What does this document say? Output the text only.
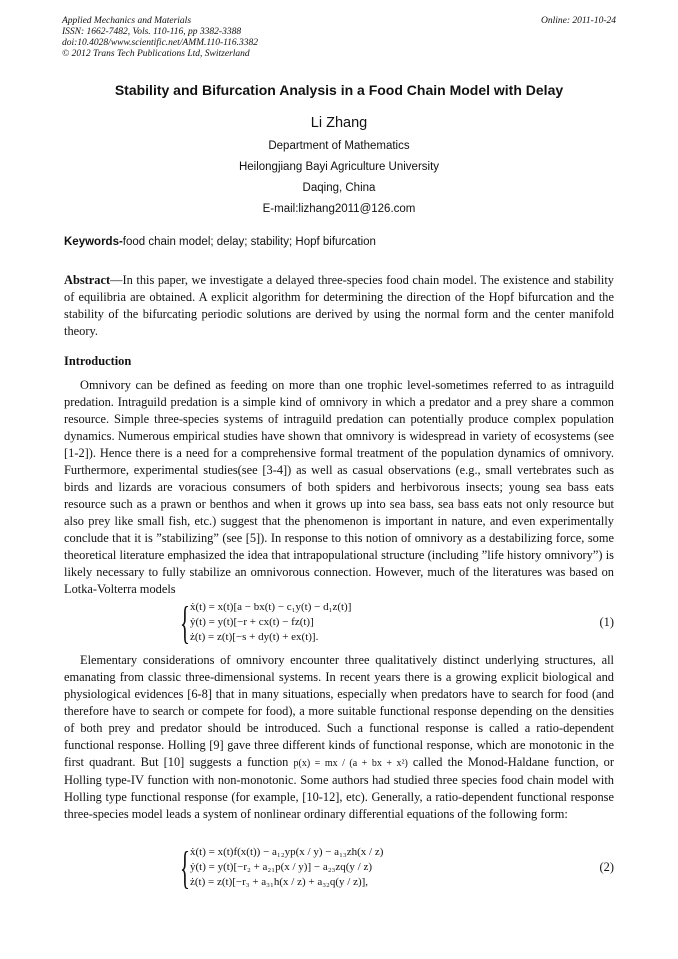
Applied Mechanics and Materials
ISSN: 1662-7482, Vols. 110-116, pp 3382-3388
doi:10.4028/www.scientific.net/AMM.110-116.3382
© 2012 Trans Tech Publications Ltd, Switzerland
Online: 2011-10-24
Stability and Bifurcation Analysis in a Food Chain Model with Delay
Li Zhang
Department of Mathematics
Heilongjiang Bayi Agriculture University
Daqing, China
E-mail:lizhang2011@126.com
Keywords-food chain model; delay; stability; Hopf bifurcation

Abstract—In this paper, we investigate a delayed three-species food chain model. The existence and stability of equilibria are obtained. A explicit algorithm for determining the direction of the Hopf bifurcation and the stability of the bifurcating periodic solutions are derived by using the normal form and the center manifold theory.

Introduction

Omnivory can be defined as feeding on more than one trophic level-sometimes referred to as intraguild predation. Intraguild predation is a simple kind of omnivory in which a predator and a prey share a common resource. Simple three-species systems of intraguild predation can potentially produce complex population dynamics. Numerous empirical studies have shown that omnivory is widespread in variety of ecosystems (see [1-2]). Hence there is a need for a comprehensive formal treatment of the population dynamics of omnivory. Furthermore, experimental studies(see [3-4]) as well as casual observations (e.g., small vertebrates such as birds and lizards are voracious consumers of both spiders and herbivorous insects; young sea bass eats resource such as a prawn or benthos and when it grows up into sea bass, sea bass eats not only resource but also prey like small fish, etc.) suggest that the phenomenon is important in nature, and even experimentally conclude that it is ”stabilizing” (see [5]). In response to this notion of omnivory as a destabilizing force, some theoretical literature emphasized the idea that intrapopulational structure (including ”life history omnivory”) is likely necessary to fully stabilize an omnivorous connection. However, much of the literatures was based on Lotka-Volterra models

{ ẋ(t) = x(t)[a − bx(t) − c₁y(t) − d₁z(t)]
ẏ(t) = y(t)[−r + cx(t) − fz(t)]
ż(t) = z(t)[−s + dy(t) + ex(t)].
(1)

Elementary considerations of omnivory encounter three qualitatively distinct underlying structures, all emanating from classic three-dimensional systems. In recent years there is a growing explicit biological and physiological evidences [6-8] that in many situations, especially when predators have to search for food (and therefore have to search or compete for food), a more suitable functional response depending on the densities of both prey and predator should be introduced. Such a functional response is called a ratio-dependent functional response. Holling [9] gave three different kinds of functional response, which are monotonic in the first quadrant. But [10] suggests a function p(x) = mx / (a + bx + x²) called the Monod-Haldane function, or Holling type-IV function with non-monotonic. Some authors had studied three species food chain model with Holling type functional response (for example, [10-12], etc). Generally, a ratio-dependent functional response three-species model leads a system of nonlinear ordinary differential equations of the following form:

{ ẋ(t) = x(t)f(x(t)) − a₁₂yp(x / y) − a₁₃zh(x / z)
ẏ(t) = y(t)[−r₂ + a₂₁p(x / y)] − a₂₃zq(y / z)
ż(t) = z(t)[−r₃ + a₃₁h(x / z) + a₃₂q(y / z)],
(2)
